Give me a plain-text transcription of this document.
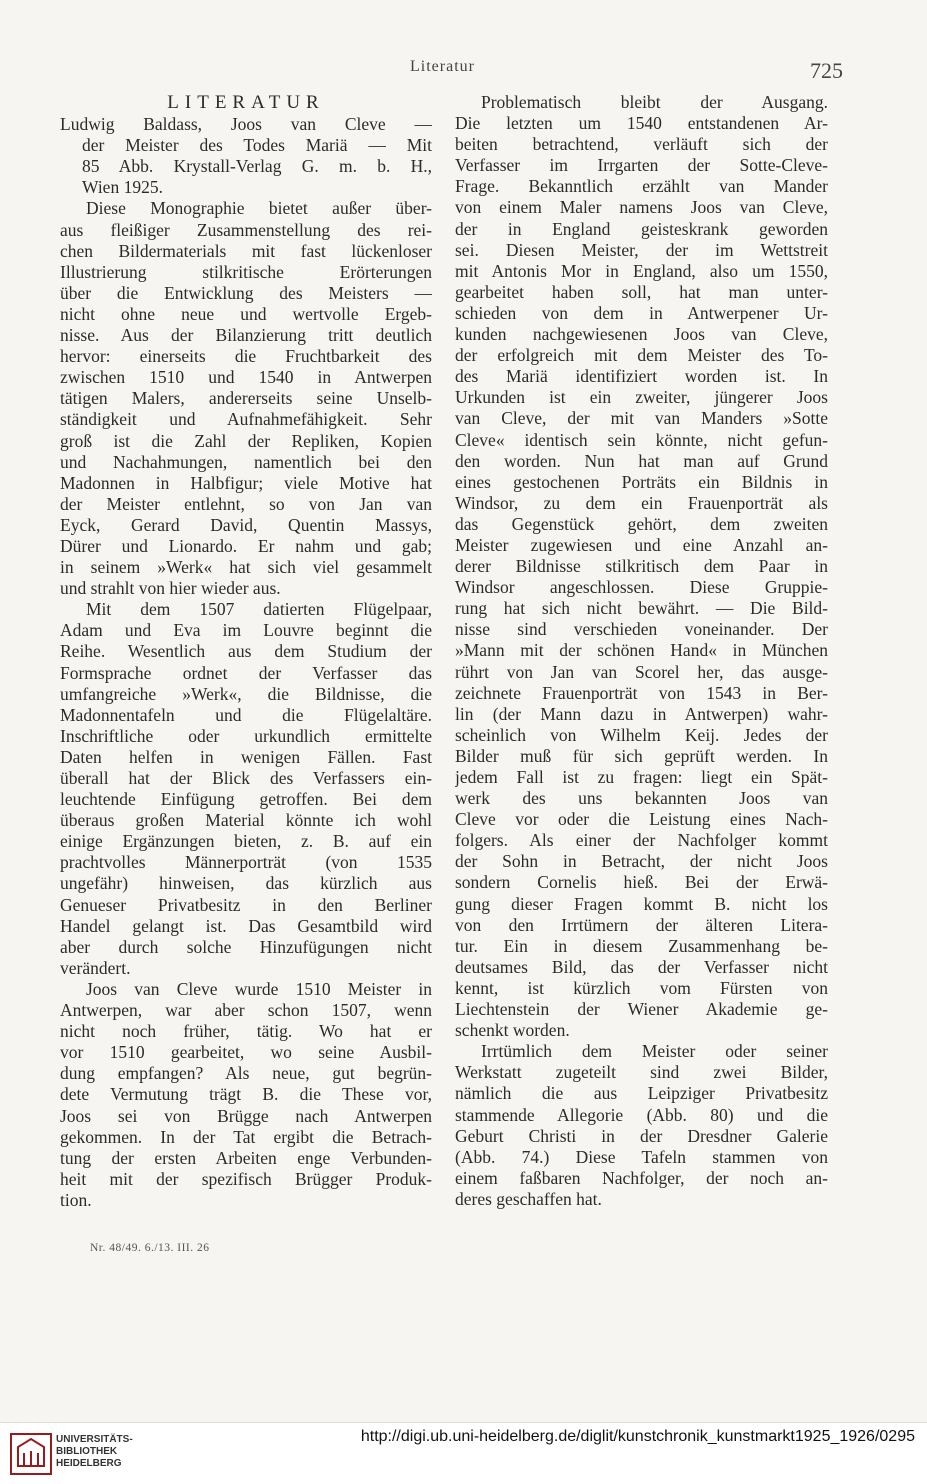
Literatur	725
LITERATUR

Ludwig Baldass, Joos van Cleve —
der Meister des Todes Mariä — Mit
85 Abb. Krystall-Verlag G. m. b. H.,
Wien 1925.

Diese Monographie bietet außer über-
aus fleißiger Zusammenstellung des rei-
chen Bildermaterials mit fast lückenloser
Illustrierung stilkritische Erörterungen
über die Entwicklung des Meisters —
nicht ohne neue und wertvolle Ergeb-
nisse. Aus der Bilanzierung tritt deutlich
hervor: einerseits die Fruchtbarkeit des
zwischen 1510 und 1540 in Antwerpen
tätigen Malers, andererseits seine Unselb-
ständigkeit und Aufnahmefähigkeit. Sehr
groß ist die Zahl der Repliken, Kopien
und Nachahmungen, namentlich bei den
Madonnen in Halbfigur; viele Motive hat
der Meister entlehnt, so von Jan van
Eyck, Gerard David, Quentin Massys,
Dürer und Lionardo. Er nahm und gab;
in seinem »Werk« hat sich viel gesammelt
und strahlt von hier wieder aus.

Mit dem 1507 datierten Flügelpaar,
Adam und Eva im Louvre beginnt die
Reihe. Wesentlich aus dem Studium der
Formsprache ordnet der Verfasser das
umfangreiche »Werk«, die Bildnisse, die
Madonnentafeln und die Flügelaltäre.
Inschriftliche oder urkundlich ermittelte
Daten helfen in wenigen Fällen. Fast
überall hat der Blick des Verfassers ein-
leuchtende Einfügung getroffen. Bei dem
überaus großen Material könnte ich wohl
einige Ergänzungen bieten, z. B. auf ein
prachtvolles Männerporträt (von 1535
ungefähr) hinweisen, das kürzlich aus
Genueser Privatbesitz in den Berliner
Handel gelangt ist. Das Gesamtbild wird
aber durch solche Hinzufügungen nicht
verändert.

Joos van Cleve wurde 1510 Meister in
Antwerpen, war aber schon 1507, wenn
nicht noch früher, tätig. Wo hat er
vor 1510 gearbeitet, wo seine Ausbil-
dung empfangen? Als neue, gut begrün-
dete Vermutung trägt B. die These vor,
Joos sei von Brügge nach Antwerpen
gekommen. In der Tat ergibt die Betrach-
tung der ersten Arbeiten enge Verbunden-
heit mit der spezifisch Brügger Produk-
tion.

Problematisch bleibt der Ausgang.
Die letzten um 1540 entstandenen Ar-
beiten betrachtend, verläuft sich der
Verfasser im Irrgarten der Sotte-Cleve-
Frage. Bekanntlich erzählt van Mander
von einem Maler namens Joos van Cleve,
der in England geisteskrank geworden
sei. Diesen Meister, der im Wettstreit
mit Antonis Mor in England, also um 1550,
gearbeitet haben soll, hat man unter-
schieden von dem in Antwerpener Ur-
kunden nachgewiesenen Joos van Cleve,
der erfolgreich mit dem Meister des To-
des Mariä identifiziert worden ist. In
Urkunden ist ein zweiter, jüngerer Joos
van Cleve, der mit van Manders »Sotte
Cleve« identisch sein könnte, nicht gefun-
den worden. Nun hat man auf Grund
eines gestochenen Porträts ein Bildnis in
Windsor, zu dem ein Frauenporträt als
das Gegenstück gehört, dem zweiten
Meister zugewiesen und eine Anzahl an-
derer Bildnisse stilkritisch dem Paar in
Windsor angeschlossen. Diese Gruppie-
rung hat sich nicht bewährt. — Die Bild-
nisse sind verschieden voneinander. Der
»Mann mit der schönen Hand« in München
rührt von Jan van Scorel her, das ausge-
zeichnete Frauenporträt von 1543 in Ber-
lin (der Mann dazu in Antwerpen) wahr-
scheinlich von Wilhelm Keij. Jedes der
Bilder muß für sich geprüft werden. In
jedem Fall ist zu fragen: liegt ein Spät-
werk des uns bekannten Joos van
Cleve vor oder die Leistung eines Nach-
folgers. Als einer der Nachfolger kommt
der Sohn in Betracht, der nicht Joos
sondern Cornelis hieß. Bei der Erwä-
gung dieser Fragen kommt B. nicht los
von den Irrtümern der älteren Litera-
tur. Ein in diesem Zusammenhang be-
deutsames Bild, das der Verfasser nicht
kennt, ist kürzlich vom Fürsten von
Liechtenstein der Wiener Akademie ge-
schenkt worden.

Irrtümlich dem Meister oder seiner
Werkstatt zugeteilt sind zwei Bilder,
nämlich die aus Leipziger Privatbesitz
stammende Allegorie (Abb. 80) und die
Geburt Christi in der Dresdner Galerie
(Abb. 74.) Diese Tafeln stammen von
einem faßbaren Nachfolger, der noch an-
deres geschaffen hat.

Nr. 48/49. 6./13. III. 26
UNIVERSITÄTS-
BIBLIOTHEK
HEIDELBERG
http://digi.ub.uni-heidelberg.de/diglit/kunstchronik_kunstmarkt1925_1926/0295
